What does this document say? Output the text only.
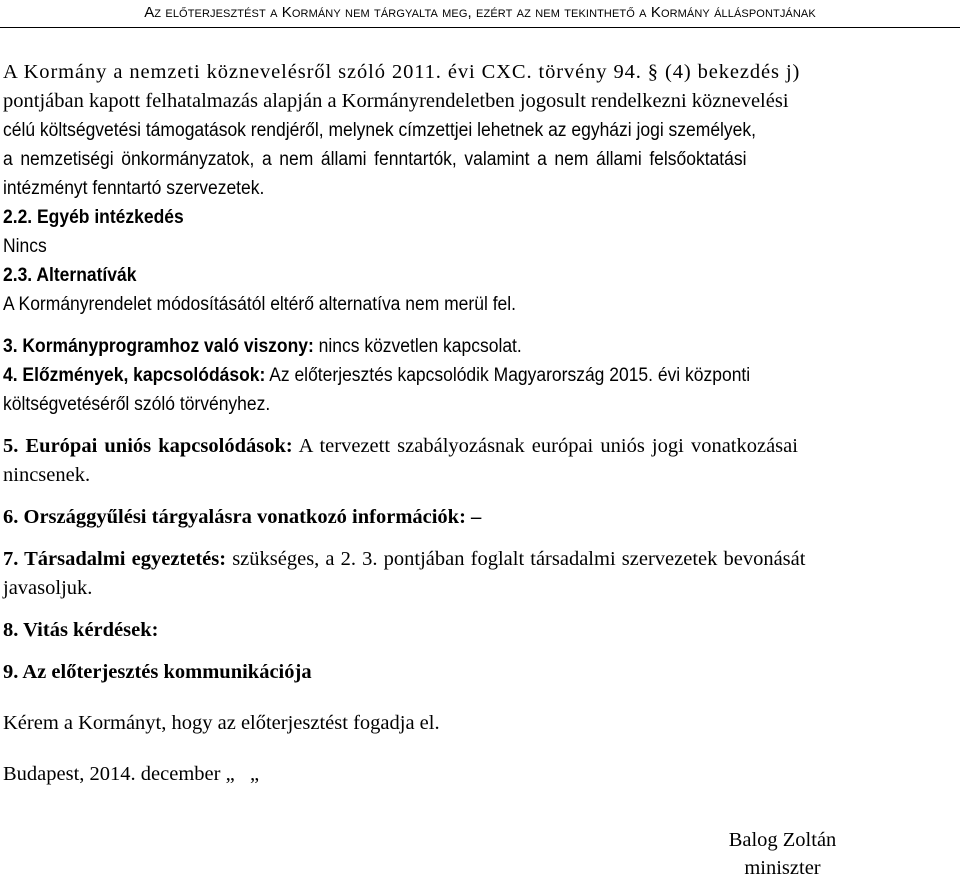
Az előterjesztést a Kormány nem tárgyalta meg, ezért az nem tekinthető a Kormány álláspontjának
A Kormány a nemzeti köznevelésről szóló 2011. évi CXC. törvény 94. § (4) bekezdés j)
pontjában kapott felhatalmazás alapján a Kormányrendeletben jogosult rendelkezni köznevelési
célú költségvetési támogatások rendjéről, melynek címzettjei lehetnek az egyházi jogi személyek,
a nemzetiségi önkormányzatok, a nem állami fenntartók, valamint a nem állami felsőoktatási
intézményt fenntartó szervezetek.
2.2. Egyéb intézkedés
Nincs
2.3. Alternatívák
A Kormányrendelet módosításától eltérő alternatíva nem merül fel.
3. Kormányprogramhoz való viszony: nincs közvetlen kapcsolat.
4. Előzmények, kapcsolódások: Az előterjesztés kapcsolódik Magyarország 2015. évi központi
költségvetéséről szóló törvényhez.
5. Európai uniós kapcsolódások: A tervezett szabályozásnak európai uniós jogi vonatkozásai
nincsenek.
6. Országgyűlési tárgyalásra vonatkozó információk: –
7. Társadalmi egyeztetés: szükséges, a 2. 3. pontjában foglalt társadalmi szervezetek bevonását
javasoljuk.
8. Vitás kérdések:
9. Az előterjesztés kommunikációja
Kérem a Kormányt, hogy az előterjesztést fogadja el.
Budapest, 2014. december „   „
Balog Zoltán
miniszter
